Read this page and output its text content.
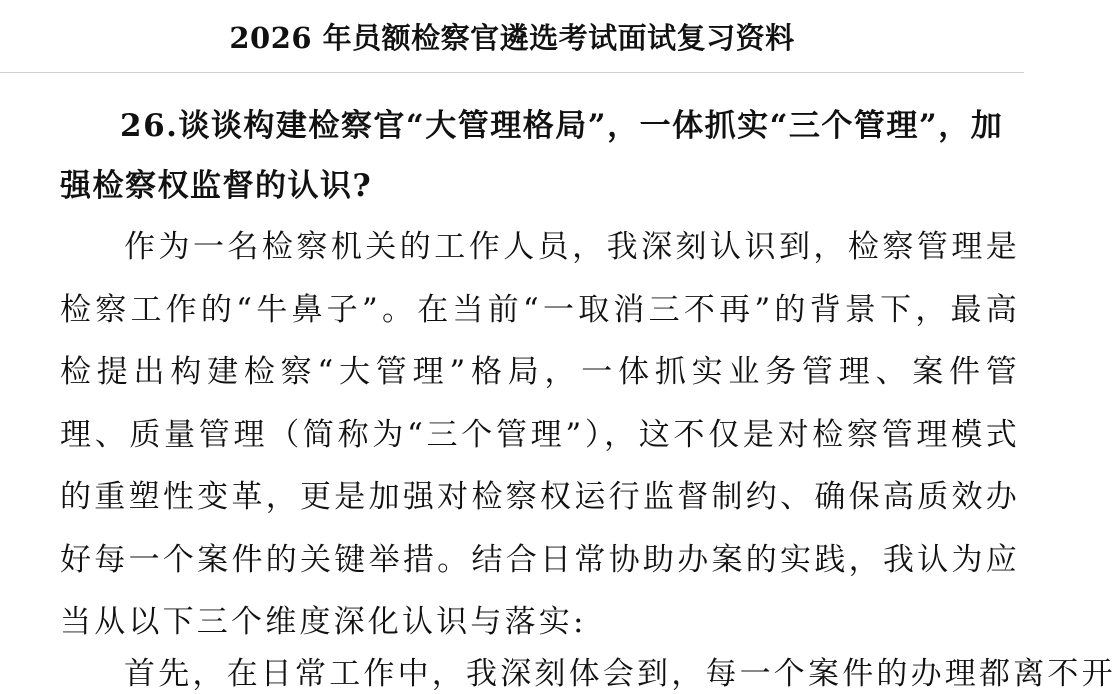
2026 年员额检察官遴选考试面试复习资料

26.谈谈构建检察官“大管理格局”，一体抓实“三个管理”，加强检察权监督的认识?

作为一名检察机关的工作人员，我深刻认识到，检察管理是检察工作的“牛鼻子”。在当前“一取消三不再”的背景下，最高检提出构建检察“大管理”格局，一体抓实业务管理、案件管理、质量管理（简称为“三个管理”），这不仅是对检察管理模式的重塑性变革，更是加强对检察权运行监督制约、确保高质效办好每一个案件的关键举措。结合日常协助办案的实践，我认为应当从以下三个维度深化认识与落实:

首先，在日常工作中，我深刻体会到，每一个案件的办理都离不开
